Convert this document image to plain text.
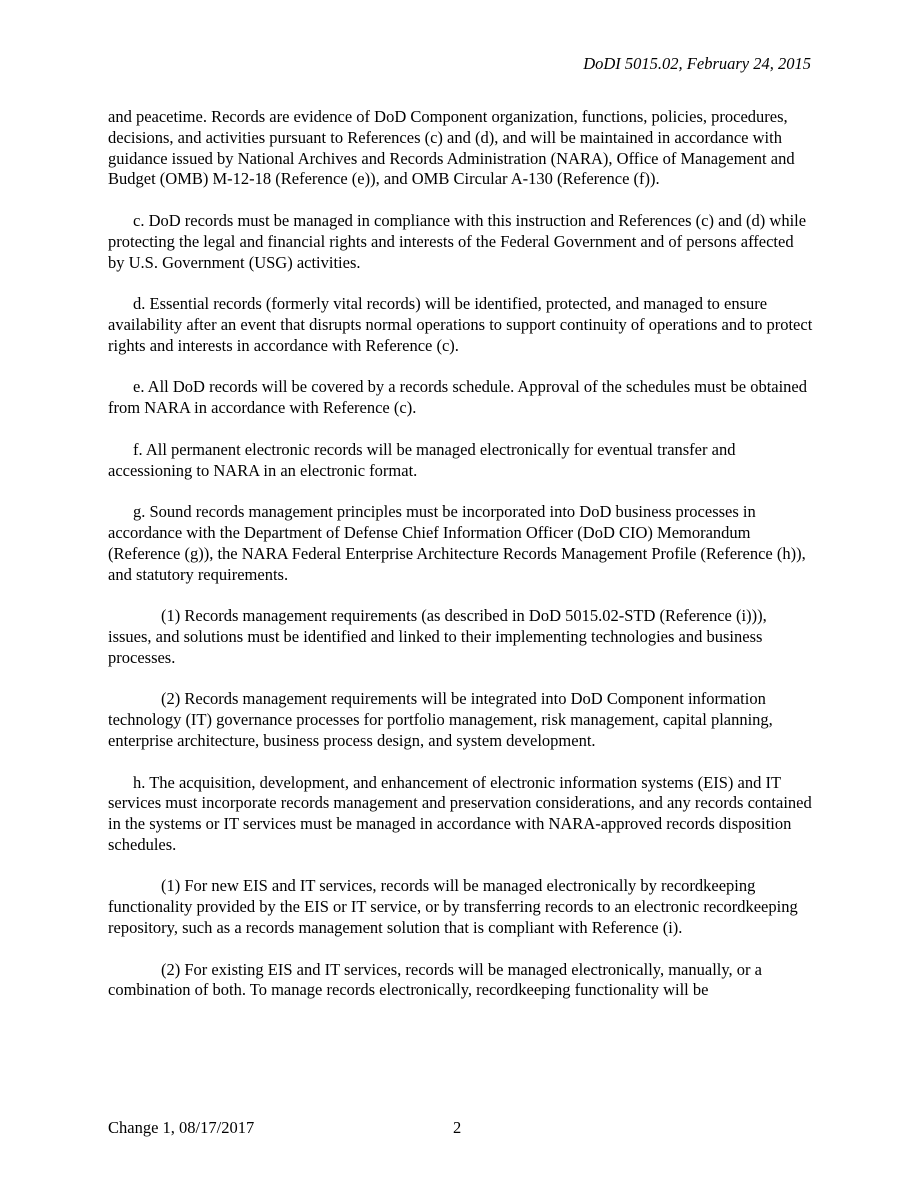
DoDI 5015.02, February 24, 2015

and peacetime. Records are evidence of DoD Component organization, functions, policies, procedures, decisions, and activities pursuant to References (c) and (d), and will be maintained in accordance with guidance issued by National Archives and Records Administration (NARA), Office of Management and Budget (OMB) M-12-18 (Reference (e)), and OMB Circular A-130 (Reference (f)).

c. DoD records must be managed in compliance with this instruction and References (c) and (d) while protecting the legal and financial rights and interests of the Federal Government and of persons affected by U.S. Government (USG) activities.

d. Essential records (formerly vital records) will be identified, protected, and managed to ensure availability after an event that disrupts normal operations to support continuity of operations and to protect rights and interests in accordance with Reference (c).

e. All DoD records will be covered by a records schedule. Approval of the schedules must be obtained from NARA in accordance with Reference (c).

f. All permanent electronic records will be managed electronically for eventual transfer and accessioning to NARA in an electronic format.

g. Sound records management principles must be incorporated into DoD business processes in accordance with the Department of Defense Chief Information Officer (DoD CIO) Memorandum (Reference (g)), the NARA Federal Enterprise Architecture Records Management Profile (Reference (h)), and statutory requirements.

(1) Records management requirements (as described in DoD 5015.02-STD (Reference (i))), issues, and solutions must be identified and linked to their implementing technologies and business processes.

(2) Records management requirements will be integrated into DoD Component information technology (IT) governance processes for portfolio management, risk management, capital planning, enterprise architecture, business process design, and system development.

h. The acquisition, development, and enhancement of electronic information systems (EIS) and IT services must incorporate records management and preservation considerations, and any records contained in the systems or IT services must be managed in accordance with NARA-approved records disposition schedules.

(1) For new EIS and IT services, records will be managed electronically by recordkeeping functionality provided by the EIS or IT service, or by transferring records to an electronic recordkeeping repository, such as a records management solution that is compliant with Reference (i).

(2) For existing EIS and IT services, records will be managed electronically, manually, or a combination of both. To manage records electronically, recordkeeping functionality will be

Change 1, 08/17/2017	2
